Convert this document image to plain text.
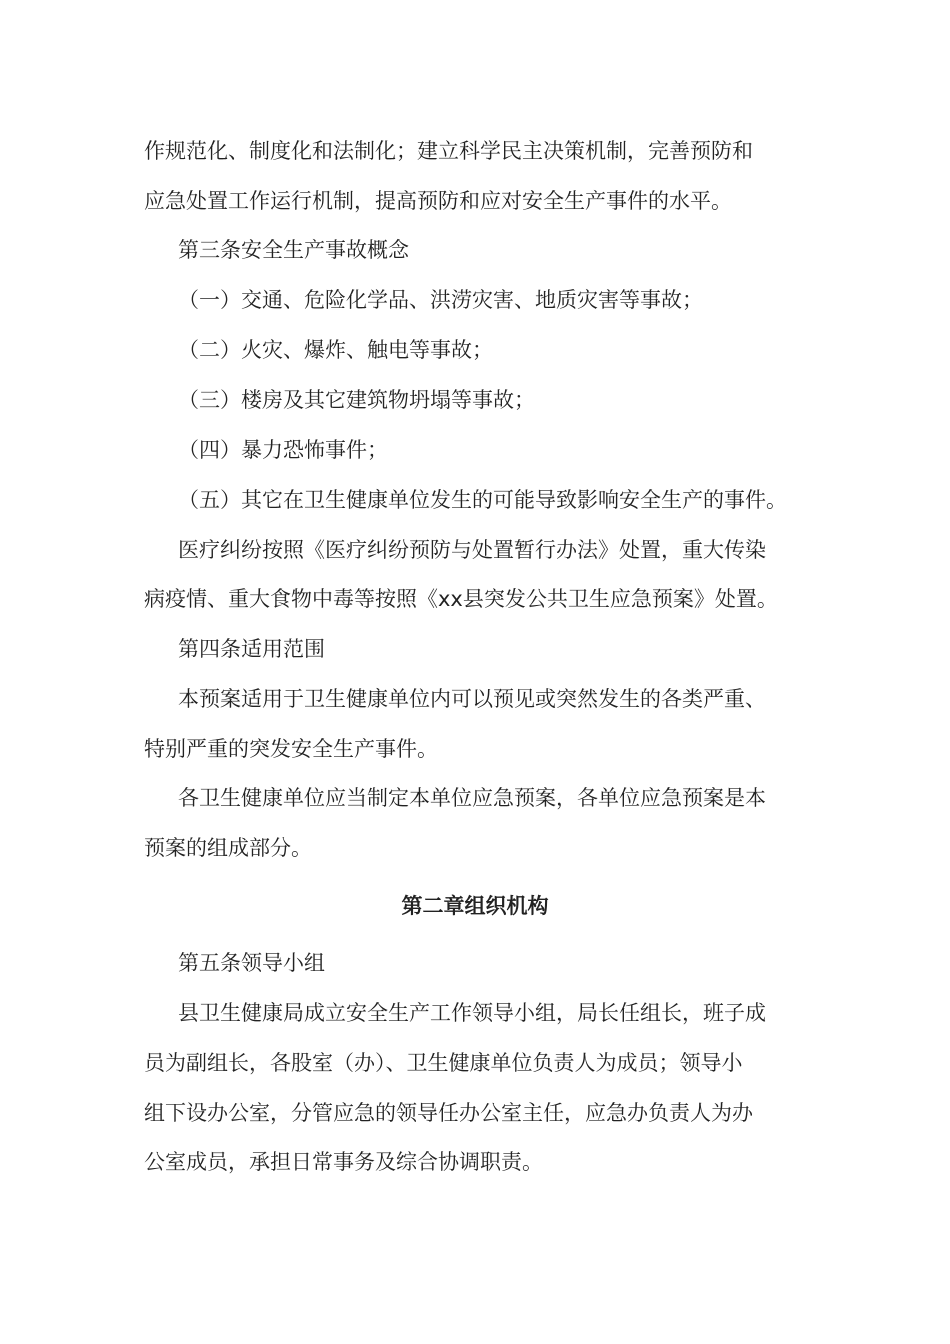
作规范化、制度化和法制化；建立科学民主决策机制，完善预防和
应急处置工作运行机制，提高预防和应对安全生产事件的水平。
第三条安全生产事故概念
（一）交通、危险化学品、洪涝灾害、地质灾害等事故；
（二）火灾、爆炸、触电等事故；
（三）楼房及其它建筑物坍塌等事故；
（四）暴力恐怖事件；
（五）其它在卫生健康单位发生的可能导致影响安全生产的事件。
医疗纠纷按照《医疗纠纷预防与处置暂行办法》处置，重大传染
病疫情、重大食物中毒等按照《xx县突发公共卫生应急预案》处置。
第四条适用范围
本预案适用于卫生健康单位内可以预见或突然发生的各类严重、
特别严重的突发安全生产事件。
各卫生健康单位应当制定本单位应急预案，各单位应急预案是本
预案的组成部分。
第二章组织机构
第五条领导小组
县卫生健康局成立安全生产工作领导小组，局长任组长，班子成
员为副组长，各股室（办）、卫生健康单位负责人为成员；领导小
组下设办公室，分管应急的领导任办公室主任，应急办负责人为办
公室成员，承担日常事务及综合协调职责。
